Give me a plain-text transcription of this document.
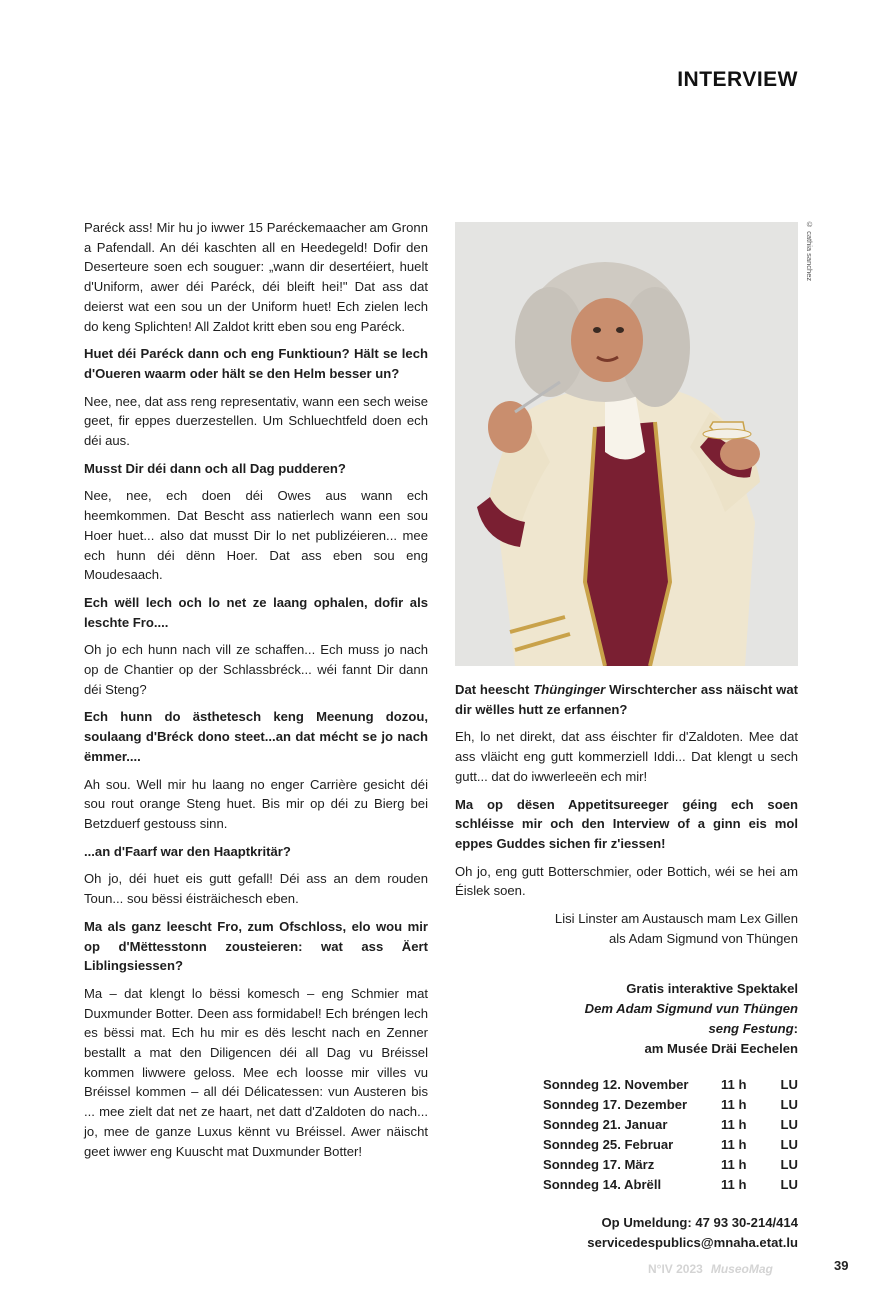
INTERVIEW

Paréck ass! Mir hu jo iwwer 15 Paréckemaacher am Gronn a Pafendall. An déi kaschten all en Heedegeld! Dofir den Deserteure soen ech souguer: „wann dir desertéiert, huelt d'Uniform, awer déi Paréck, déi bleift hei!" Dat ass dat deierst wat een sou un der Uniform huet! Ech zielen lech do keng Splichten! All Zaldot kritt eben sou eng Paréck.

Huet déi Paréck dann och eng Funktioun? Hält se lech d'Oueren waarm oder hält se den Helm besser un?

Nee, nee, dat ass reng representativ, wann een sech weise geet, fir eppes duerzestellen. Um Schluechtfeld doen ech déi aus.

Musst Dir déi dann och all Dag pudderen?

Nee, nee, ech doen déi Owes aus wann ech heemkommen. Dat Bescht ass natierlech wann een sou Hoer huet... also dat musst Dir lo net publizéieren... mee ech hunn déi dënn Hoer. Dat ass eben sou eng Moudesaach.

Ech wëll lech och lo net ze laang ophalen, dofir als leschte Fro....

Oh jo ech hunn nach vill ze schaffen... Ech muss jo nach op de Chantier op der Schlassbréck... wéi fannt Dir dann déi Steng?

Ech hunn do ästhetesch keng Meenung dozou, soulaang d'Bréck dono steet...an dat mécht se jo nach ëmmer....

Ah sou. Well mir hu laang no enger Carrière gesicht déi sou rout orange Steng huet. Bis mir op déi zu Bierg bei Betzduerf gestouss sinn.

...an d'Faarf war den Haaptkritär?

Oh jo, déi huet eis gutt gefall! Déi ass an dem rouden Toun... sou bëssi éisträichesch eben.

Ma als ganz leescht Fro, zum Ofschloss, elo wou mir op d'Mëttesstonn zousteieren: wat ass Äert Liblingsiessen?

Ma – dat klengt lo bëssi komesch – eng Schmier mat Duxmunder Botter. Deen ass formidabel! Ech bréngen lech es bëssi mat. Ech hu mir es dës lescht nach en Zenner bestallt a mat den Diligencen déi all Dag vu Bréissel kommen liwwere geloss. Mee ech loosse mir villes vu Bréissel kommen – all déi Délicatessen: vun Austeren bis ... mee zielt dat net ze haart, net datt d'Zaldoten do nach... jo, mee de ganze Luxus kënnt vu Bréissel. Awer näischt geet iwwer eng Kuuscht mat Duxmunder Botter!

© cathia sanchez

Dat heescht Thünginger Wirschtercher ass näischt wat dir wëlles hutt ze erfannen?

Eh, lo net direkt, dat ass éischter fir d'Zaldoten. Mee dat ass vläicht eng gutt kommerziell Iddi... Dat klengt u sech gutt... dat do iwwerleeën ech mir!

Ma op dësen Appetitsureeger géing ech soen schléisse mir och den Interview of a ginn eis mol eppes Guddes sichen fir z'iessen!

Oh jo, eng gutt Botterschmier, oder Bottich, wéi se hei am Éislek soen.

Lisi Linster am Austausch mam Lex Gillen
als Adam Sigmund von Thüngen
Gratis interaktive Spektakel
Dem Adam Sigmund vun Thüngen
seng Festung:
am Musée Dräi Eechelen
Sonndeg 12. November	11 h	LU
Sonndeg 17. Dezember	11 h	LU
Sonndeg 21. Januar	11 h	LU
Sonndeg 25. Februar	11 h	LU
Sonndeg 17. März	11 h	LU
Sonndeg 14. Abrëll	11 h	LU
Op Umeldung: 47 93 30-214/414
servicedespublics@mnaha.etat.lu
N°IV 2023 MuseoMag	39
